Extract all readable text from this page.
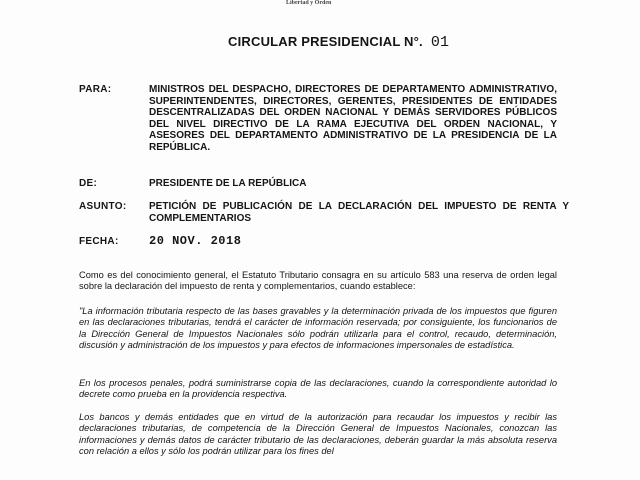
Libertad y Orden
CIRCULAR PRESIDENCIAL N°. 01
PARA:	MINISTROS DEL DESPACHO, DIRECTORES DE DEPARTAMENTO ADMINISTRATIVO, SUPERINTENDENTES, DIRECTORES, GERENTES, PRESIDENTES DE ENTIDADES DESCENTRALIZADAS DEL ORDEN NACIONAL Y DEMÁS SERVIDORES PÚBLICOS DEL NIVEL DIRECTIVO DE LA RAMA EJECUTIVA DEL ORDEN NACIONAL, Y ASESORES DEL DEPARTAMENTO ADMINISTRATIVO DE LA PRESIDENCIA DE LA REPÚBLICA.
DE:	PRESIDENTE DE LA REPÚBLICA
ASUNTO: PETICIÓN DE PUBLICACIÓN DE LA DECLARACIÓN DEL IMPUESTO DE RENTA Y COMPLEMENTARIOS
FECHA:	20 NOV. 2018
Como es del conocimiento general, el Estatuto Tributario consagra en su artículo 583 una reserva de orden legal sobre la declaración del impuesto de renta y complementarios, cuando establece:
"La información tributaria respecto de las bases gravables y la determinación privada de los impuestos que figuren en las declaraciones tributarias, tendrá el carácter de información reservada; por consiguiente, los funcionarios de la Dirección General de Impuestos Nacionales sólo podrán utilizarla para el control, recaudo, determinación, discusión y administración de los impuestos y para efectos de informaciones impersonales de estadística.
En los procesos penales, podrá suministrarse copia de las declaraciones, cuando la correspondiente autoridad lo decrete como prueba en la providencia respectiva.
Los bancos y demás entidades que en virtud de la autorización para recaudar los impuestos y recibir las declaraciones tributarias, de competencia de la Dirección General de Impuestos Nacionales, conozcan las informaciones y demás datos de carácter tributario de las declaraciones, deberán guardar la más absoluta reserva con relación a ellos y sólo los podrán utilizar para los fines del
